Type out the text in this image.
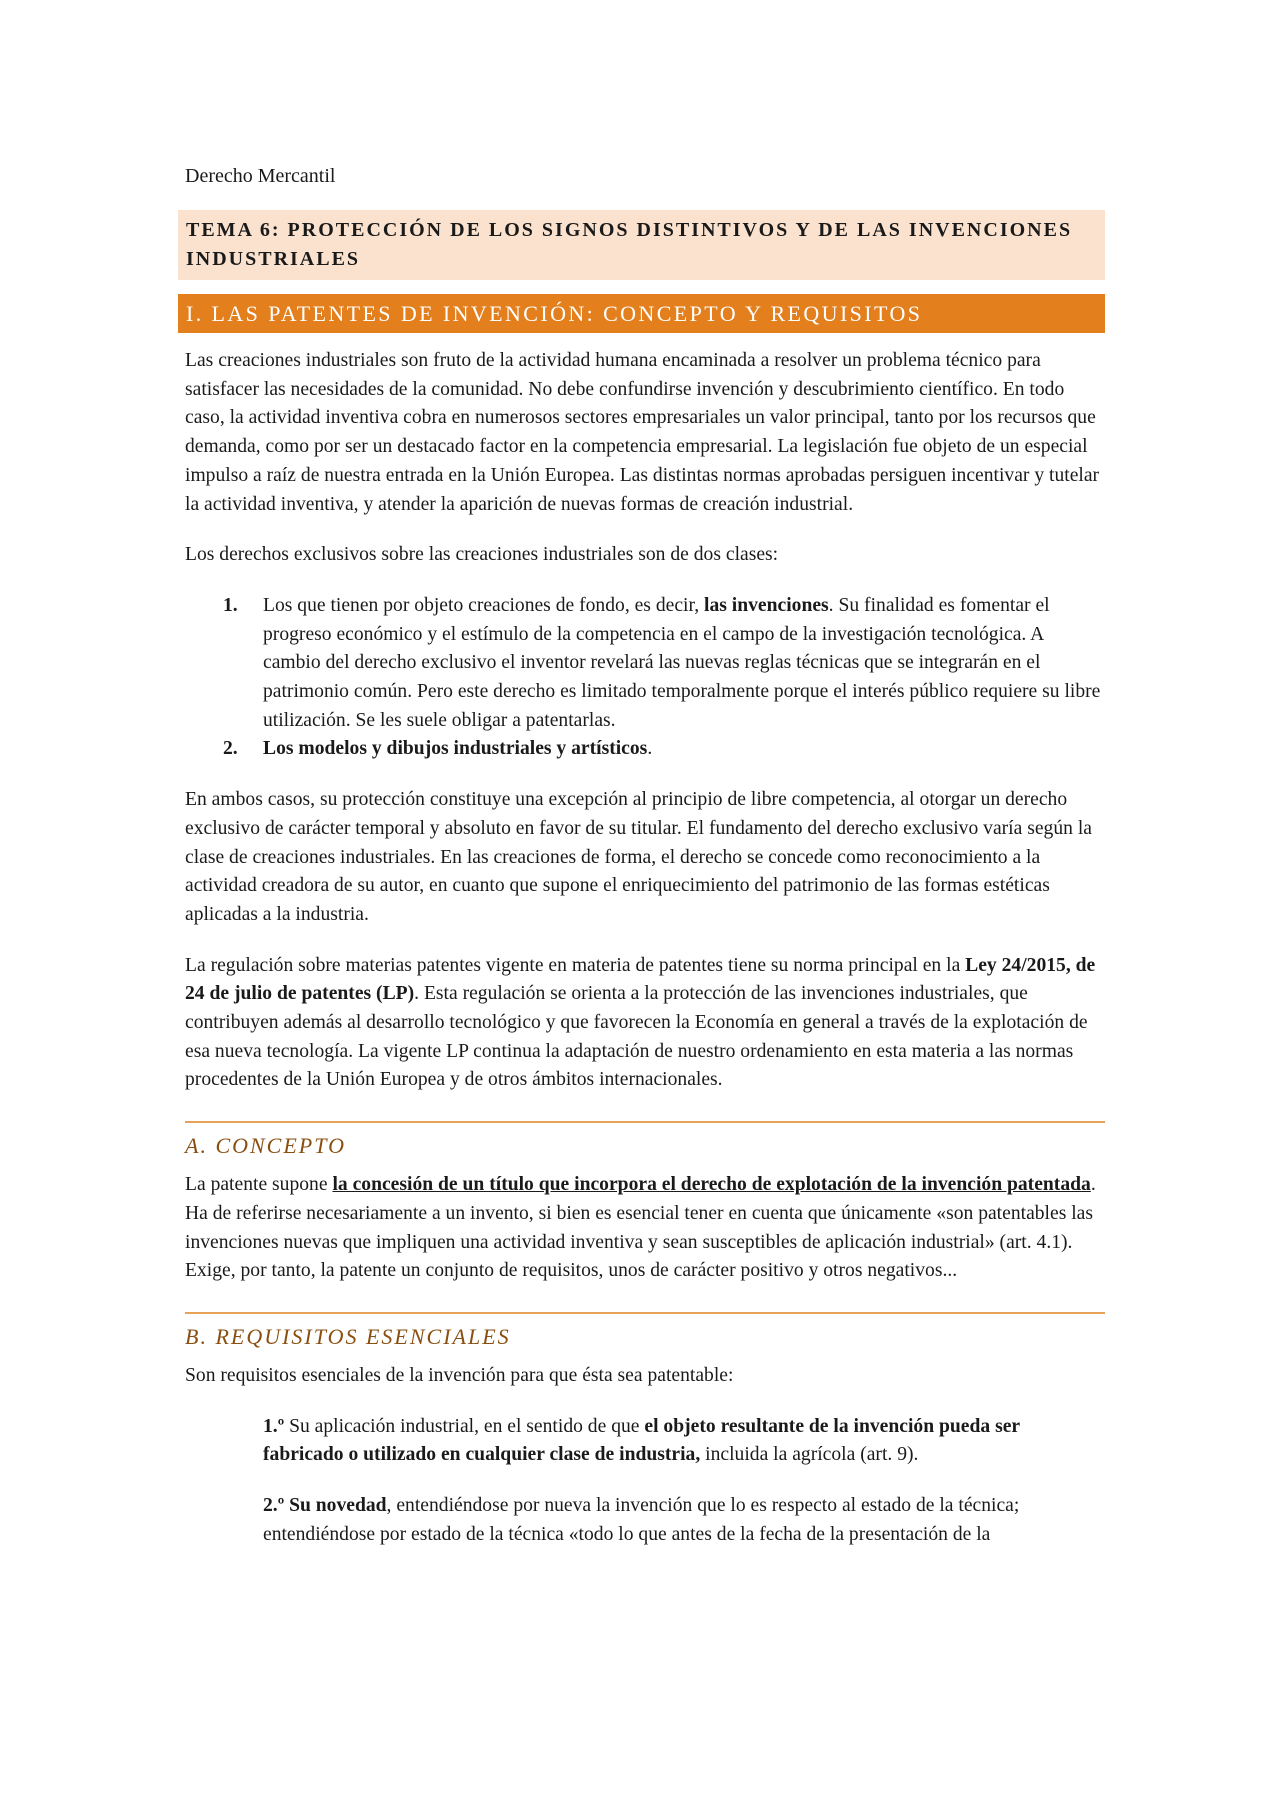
Derecho Mercantil
TEMA 6: PROTECCIÓN DE LOS SIGNOS DISTINTIVOS Y DE LAS INVENCIONES INDUSTRIALES
I. LAS PATENTES DE INVENCIÓN: CONCEPTO Y REQUISITOS

Las creaciones industriales son fruto de la actividad humana encaminada a resolver un problema técnico para satisfacer las necesidades de la comunidad. No debe confundirse invención y descubrimiento científico. En todo caso, la actividad inventiva cobra en numerosos sectores empresariales un valor principal, tanto por los recursos que demanda, como por ser un destacado factor en la competencia empresarial. La legislación fue objeto de un especial impulso a raíz de nuestra entrada en la Unión Europea. Las distintas normas aprobadas persiguen incentivar y tutelar la actividad inventiva, y atender la aparición de nuevas formas de creación industrial.

Los derechos exclusivos sobre las creaciones industriales son de dos clases:

1. Los que tienen por objeto creaciones de fondo, es decir, las invenciones. Su finalidad es fomentar el progreso económico y el estímulo de la competencia en el campo de la investigación tecnológica. A cambio del derecho exclusivo el inventor revelará las nuevas reglas técnicas que se integrarán en el patrimonio común. Pero este derecho es limitado temporalmente porque el interés público requiere su libre utilización. Se les suele obligar a patentarlas.
2. Los modelos y dibujos industriales y artísticos.

En ambos casos, su protección constituye una excepción al principio de libre competencia, al otorgar un derecho exclusivo de carácter temporal y absoluto en favor de su titular. El fundamento del derecho exclusivo varía según la clase de creaciones industriales. En las creaciones de forma, el derecho se concede como reconocimiento a la actividad creadora de su autor, en cuanto que supone el enriquecimiento del patrimonio de las formas estéticas aplicadas a la industria.

La regulación sobre materias patentes vigente en materia de patentes tiene su norma principal en la Ley 24/2015, de 24 de julio de patentes (LP). Esta regulación se orienta a la protección de las invenciones industriales, que contribuyen además al desarrollo tecnológico y que favorecen la Economía en general a través de la explotación de esa nueva tecnología. La vigente LP continua la adaptación de nuestro ordenamiento en esta materia a las normas procedentes de la Unión Europea y de otros ámbitos internacionales.

A. CONCEPTO

La patente supone la concesión de un título que incorpora el derecho de explotación de la invención patentada. Ha de referirse necesariamente a un invento, si bien es esencial tener en cuenta que únicamente «son patentables las invenciones nuevas que impliquen una actividad inventiva y sean susceptibles de aplicación industrial» (art. 4.1). Exige, por tanto, la patente un conjunto de requisitos, unos de carácter positivo y otros negativos...

B. REQUISITOS ESENCIALES

Son requisitos esenciales de la invención para que ésta sea patentable:

1.º Su aplicación industrial, en el sentido de que el objeto resultante de la invención pueda ser fabricado o utilizado en cualquier clase de industria, incluida la agrícola (art. 9).

2.º Su novedad, entendiéndose por nueva la invención que lo es respecto al estado de la técnica; entendiéndose por estado de la técnica «todo lo que antes de la fecha de la presentación de la
